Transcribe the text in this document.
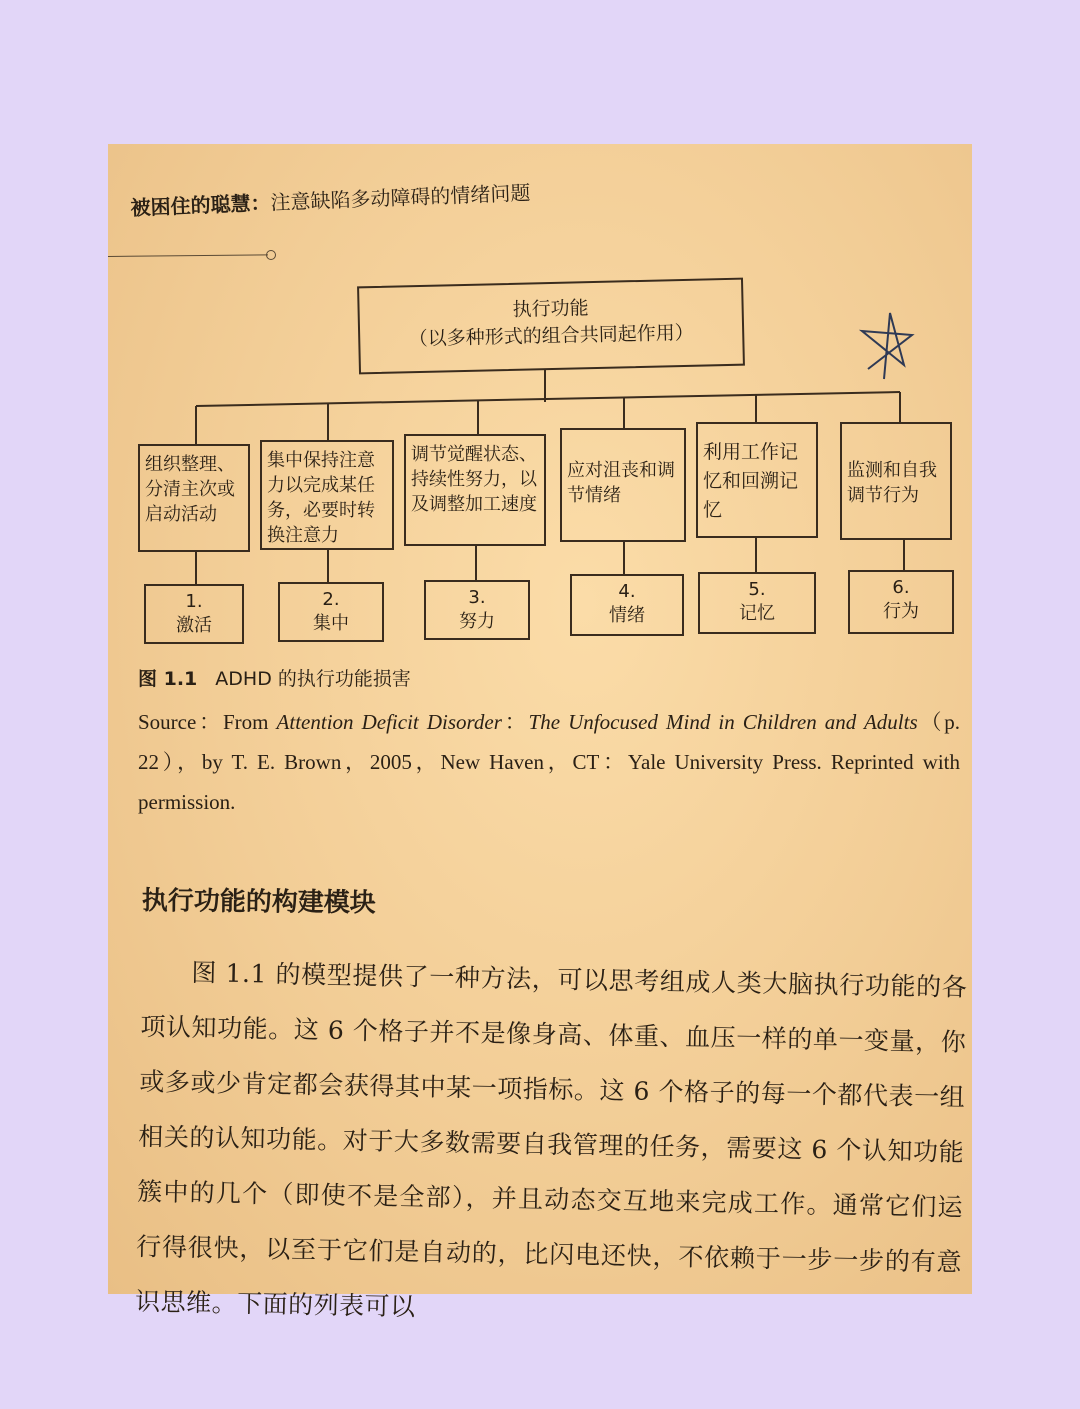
被困住的聪慧：注意缺陷多动障碍的情绪问题
执行功能
（以多种形式的组合共同起作用）
组织整理、分清主次或启动活动
集中保持注意力以完成某任务，必要时转换注意力
调节觉醒状态、持续性努力，以及调整加工速度
应对沮丧和调节情绪
利用工作记忆和回溯记忆
监测和自我调节行为
1.
激活
2.
集中
3.
努力
4.
情绪
5.
记忆
6.
行为
图 1.1 ADHD 的执行功能损害
Source：From Attention Deficit Disorder：The Unfocused Mind in Children and Adults（p. 22），by T. E. Brown，2005，New Haven，CT：Yale University Press. Reprinted with permission.
执行功能的构建模块
图 1.1 的模型提供了一种方法，可以思考组成人类大脑执行功能的各项认知功能。这 6 个格子并不是像身高、体重、血压一样的单一变量，你或多或少肯定都会获得其中某一项指标。这 6 个格子的每一个都代表一组相关的认知功能。对于大多数需要自我管理的任务，需要这 6 个认知功能簇中的几个（即使不是全部），并且动态交互地来完成工作。通常它们运行得很快，以至于它们是自动的，比闪电还快，不依赖于一步一步的有意识思维。下面的列表可以
